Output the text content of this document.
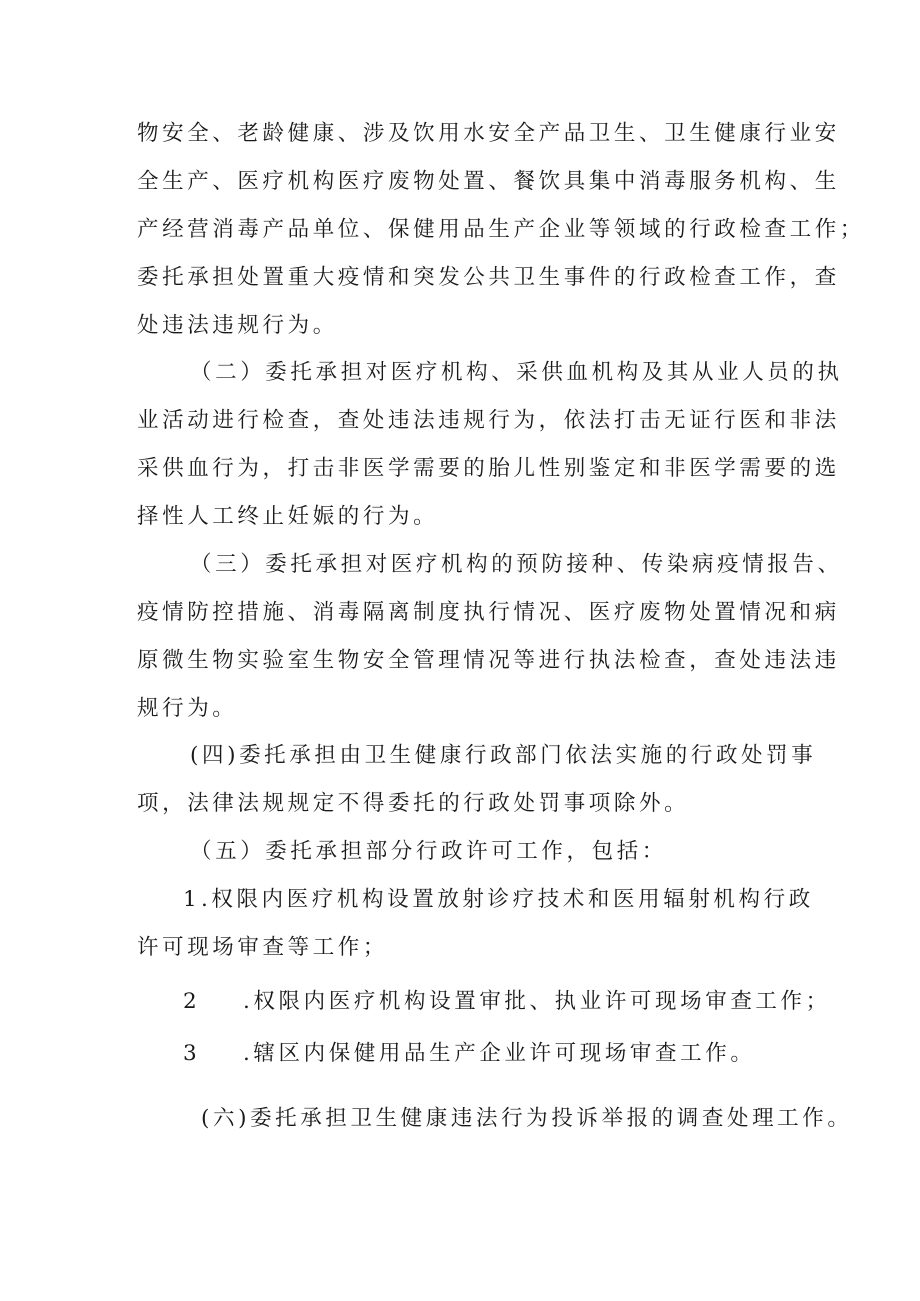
物安全、老龄健康、涉及饮用水安全产品卫生、卫生健康行业安
全生产、医疗机构医疗废物处置、餐饮具集中消毒服务机构、生
产经营消毒产品单位、保健用品生产企业等领域的行政检查工作；
委托承担处置重大疫情和突发公共卫生事件的行政检查工作，查
处违法违规行为。
（二）委托承担对医疗机构、采供血机构及其从业人员的执
业活动进行检查，查处违法违规行为，依法打击无证行医和非法
采供血行为，打击非医学需要的胎儿性别鉴定和非医学需要的选
择性人工终止妊娠的行为。
（三）委托承担对医疗机构的预防接种、传染病疫情报告、
疫情防控措施、消毒隔离制度执行情况、医疗废物处置情况和病
原微生物实验室生物安全管理情况等进行执法检查，查处违法违
规行为。
(四)委托承担由卫生健康行政部门依法实施的行政处罚事
项，法律法规规定不得委托的行政处罚事项除外。
（五）委托承担部分行政许可工作，包括：
1 .权限内医疗机构设置放射诊疗技术和医用辐射机构行政
许可现场审查等工作；
2 .权限内医疗机构设置审批、执业许可现场审查工作；
3 .辖区内保健用品生产企业许可现场审查工作。
(六)委托承担卫生健康违法行为投诉举报的调查处理工作。
